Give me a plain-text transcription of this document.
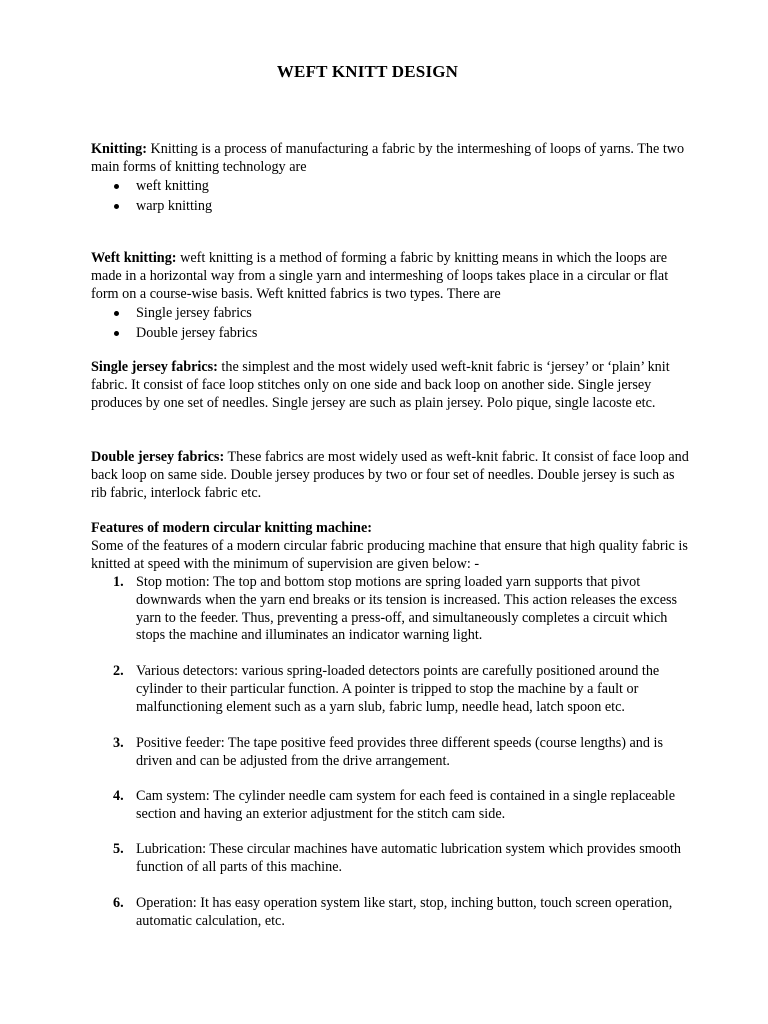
WEFT KNITT DESIGN

Knitting: Knitting is a process of manufacturing a fabric by the intermeshing of loops of yarns. The two main forms of knitting technology are

weft knitting
warp knitting

Weft knitting: weft knitting is a method of forming a fabric by knitting means in which the loops are made in a horizontal way from a single yarn and intermeshing of loops takes place in a circular or flat form on a course-wise basis. Weft knitted fabrics is two types. There are

Single jersey fabrics
Double jersey fabrics

Single jersey fabrics: the simplest and the most widely used weft-knit fabric is ‘jersey’ or ‘plain’ knit fabric. It consist of face loop stitches only on one side and back loop on another side. Single jersey produces by one set of needles. Single jersey are such as plain jersey. Polo pique, single lacoste etc.

Double jersey fabrics: These fabrics are most widely used as weft-knit fabric. It consist of face loop and back loop on same side. Double jersey produces by two or four set of needles. Double jersey is such as rib fabric, interlock fabric etc.

Features of modern circular knitting machine:

Some of the features of a modern circular fabric producing machine that ensure that high quality fabric is knitted at speed with the minimum of supervision are given below: -

1. Stop motion: The top and bottom stop motions are spring loaded yarn supports that pivot downwards when the yarn end breaks or its tension is increased. This action releases the excess yarn to the feeder. Thus, preventing a press-off, and simultaneously completes a circuit which stops the machine and illuminates an indicator warning light.
2. Various detectors: various spring-loaded detectors points are carefully positioned around the cylinder to their particular function. A pointer is tripped to stop the machine by a fault or malfunctioning element such as a yarn slub, fabric lump, needle head, latch spoon etc.
3. Positive feeder: The tape positive feed provides three different speeds (course lengths) and is driven and can be adjusted from the drive arrangement.
4. Cam system: The cylinder needle cam system for each feed is contained in a single replaceable section and having an exterior adjustment for the stitch cam side.
5. Lubrication: These circular machines have automatic lubrication system which provides smooth function of all parts of this machine.
6. Operation: It has easy operation system like start, stop, inching button, touch screen operation, automatic calculation, etc.
